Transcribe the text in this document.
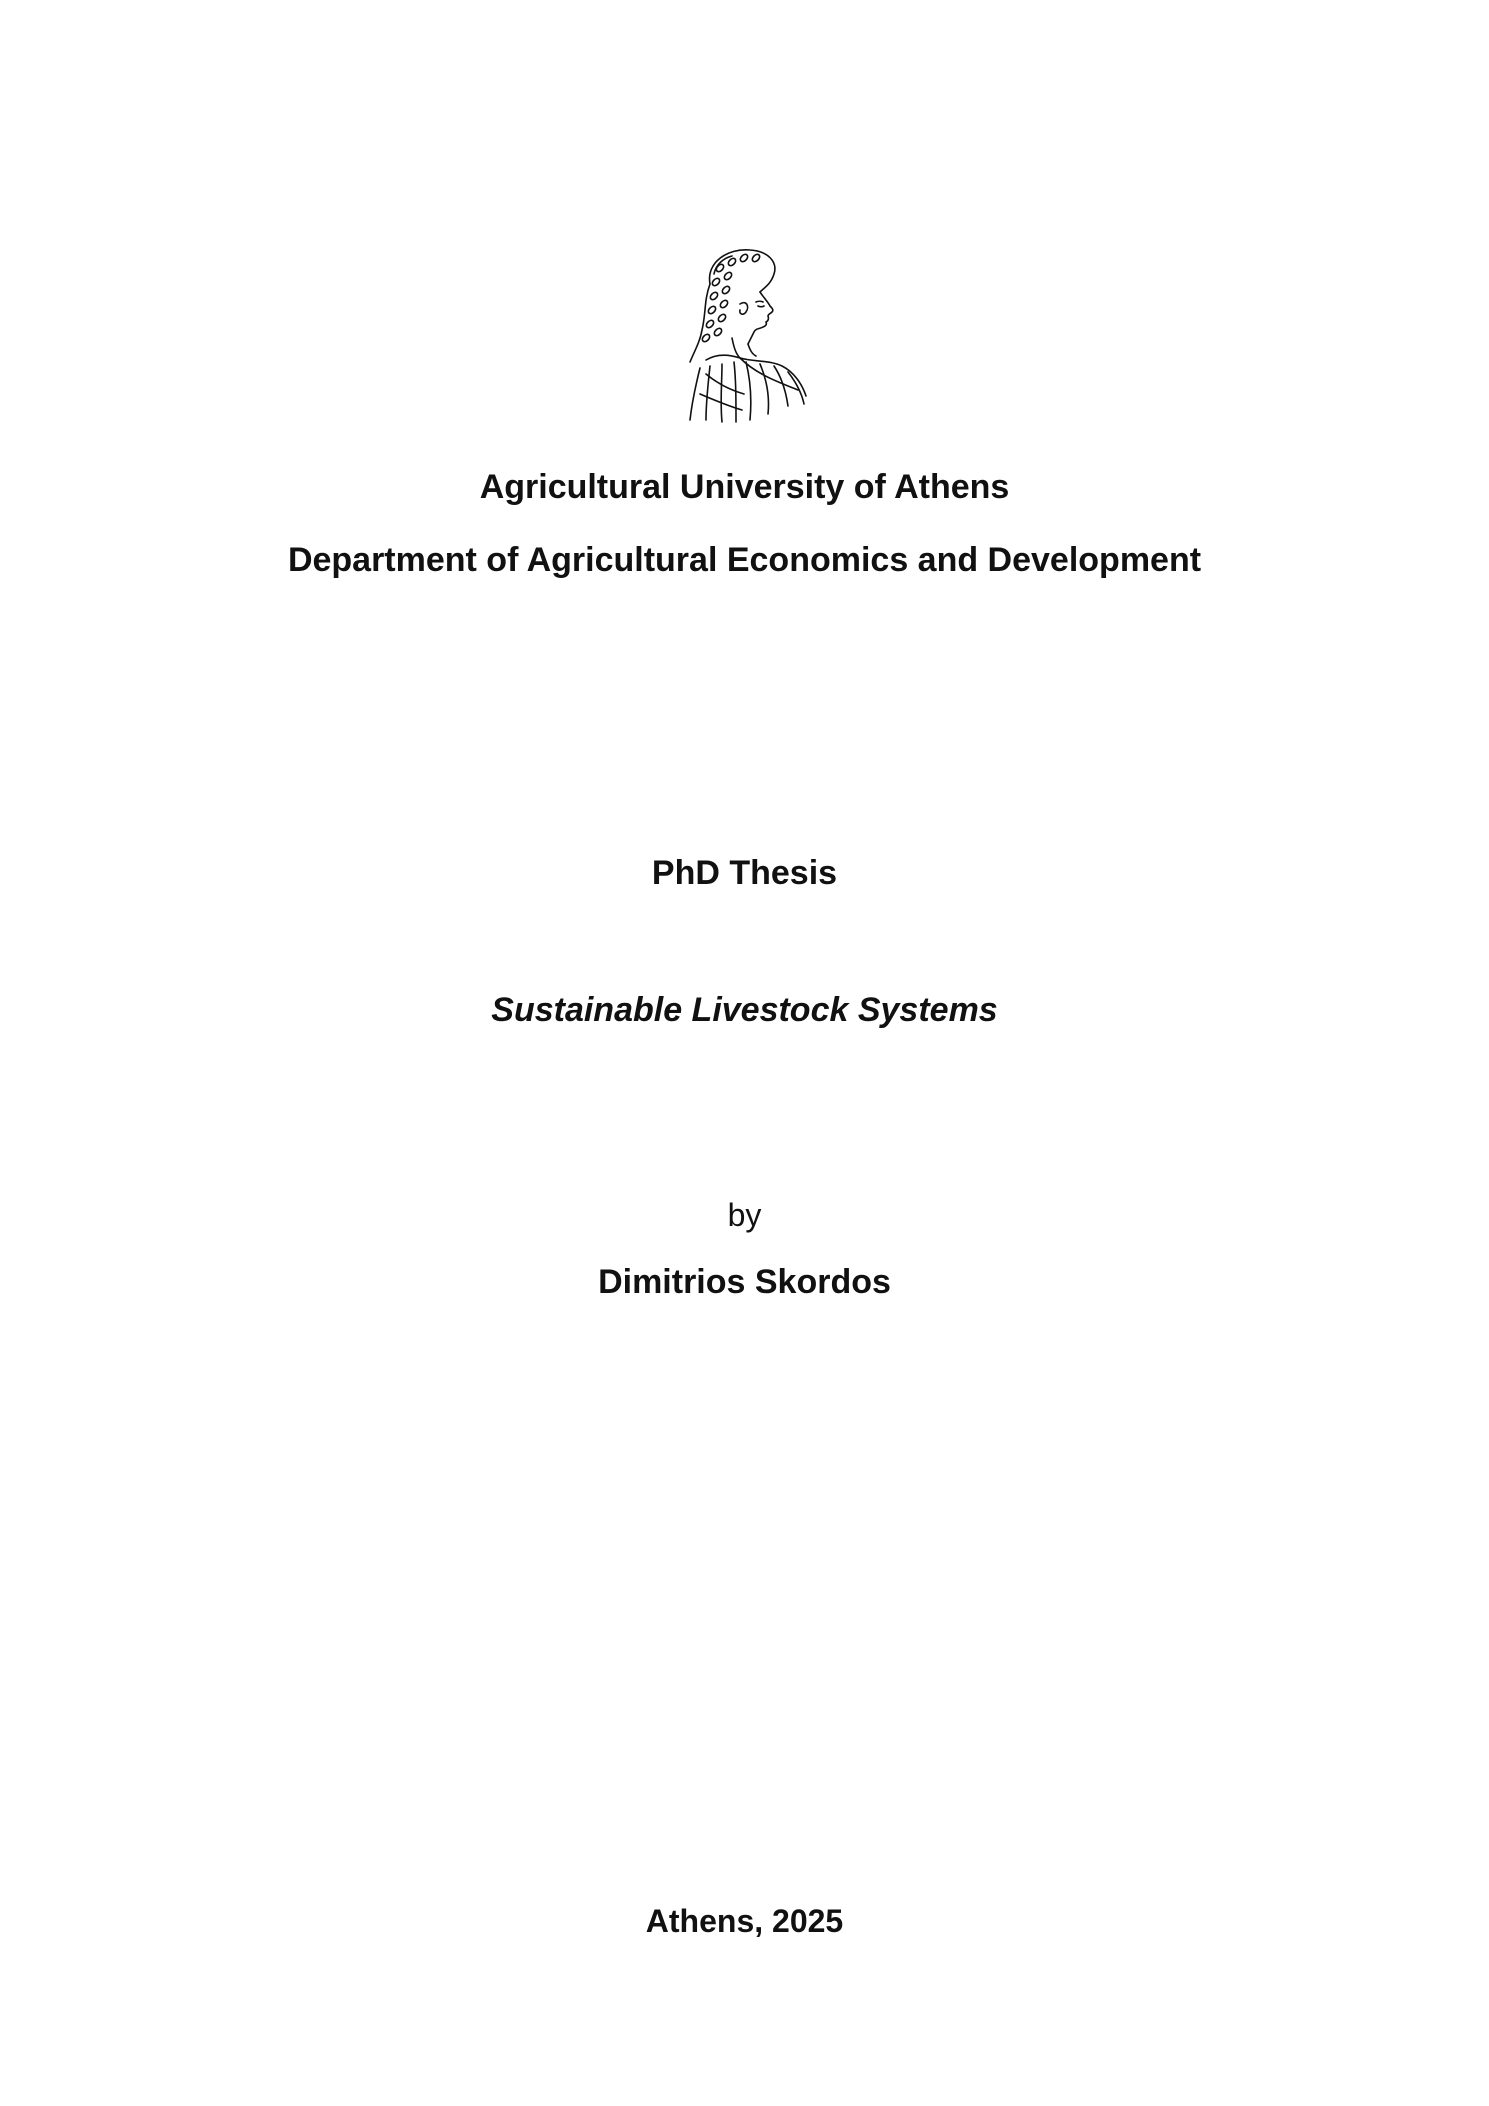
Agricultural University of Athens
Department of Agricultural Economics and Development
PhD Thesis
Sustainable Livestock Systems
by
Dimitrios Skordos
Athens, 2025
